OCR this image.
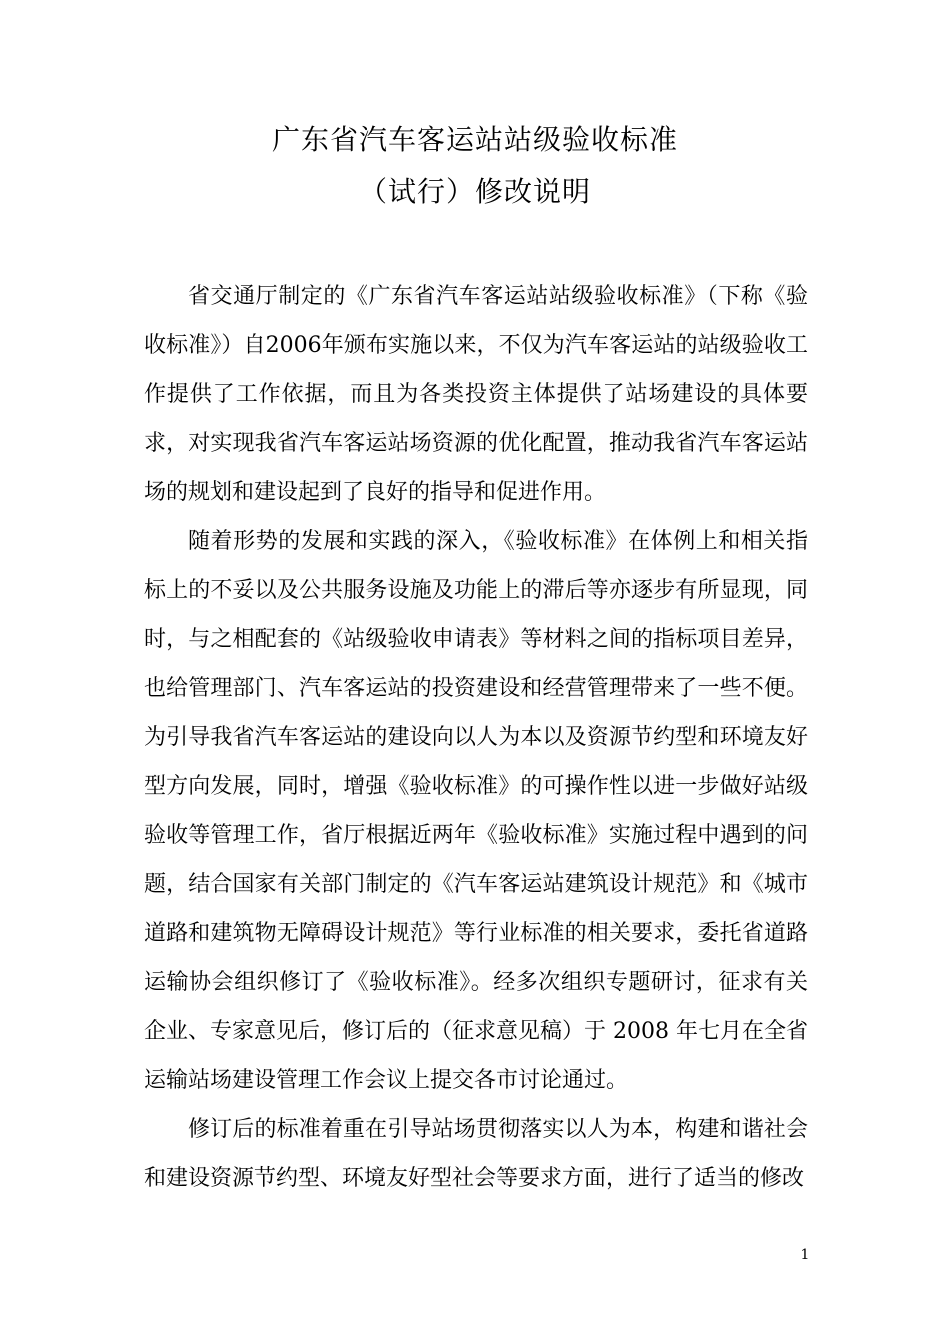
广东省汽车客运站站级验收标准
（试行）修改说明

省交通厅制定的《广东省汽车客运站站级验收标准》（下称《验收标准》）自2006年颁布实施以来，不仅为汽车客运站的站级验收工作提供了工作依据，而且为各类投资主体提供了站场建设的具体要求，对实现我省汽车客运站场资源的优化配置，推动我省汽车客运站场的规划和建设起到了良好的指导和促进作用。

随着形势的发展和实践的深入，《验收标准》在体例上和相关指标上的不妥以及公共服务设施及功能上的滞后等亦逐步有所显现，同时，与之相配套的《站级验收申请表》等材料之间的指标项目差异，也给管理部门、汽车客运站的投资建设和经营管理带来了一些不便。为引导我省汽车客运站的建设向以人为本以及资源节约型和环境友好型方向发展，同时，增强《验收标准》的可操作性以进一步做好站级验收等管理工作，省厅根据近两年《验收标准》实施过程中遇到的问题，结合国家有关部门制定的《汽车客运站建筑设计规范》和《城市道路和建筑物无障碍设计规范》等行业标准的相关要求，委托省道路运输协会组织修订了《验收标准》。经多次组织专题研讨，征求有关企业、专家意见后，修订后的（征求意见稿）于 2008 年七月在全省运输站场建设管理工作会议上提交各市讨论通过。

修订后的标准着重在引导站场贯彻落实以人为本，构建和谐社会和建设资源节约型、环境友好型社会等要求方面，进行了适当的修改

1
